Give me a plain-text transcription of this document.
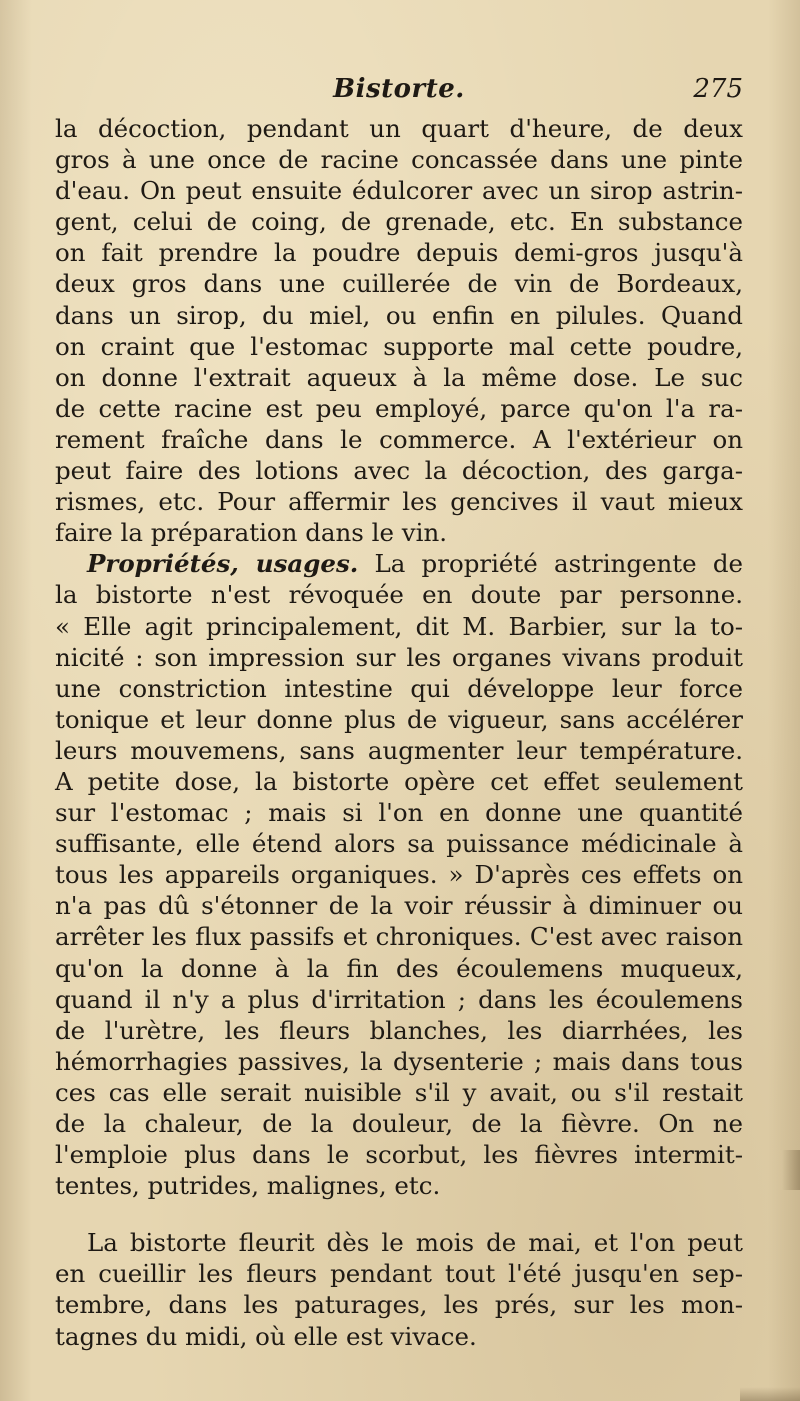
Bistorte.	275
la décoction, pendant un quart d'heure, de deux
gros à une once de racine concassée dans une pinte
d'eau. On peut ensuite édulcorer avec un sirop astrin-
gent, celui de coing, de grenade, etc. En substance
on fait prendre la poudre depuis demi-gros jusqu'à
deux gros dans une cuillerée de vin de Bordeaux,
dans un sirop, du miel, ou enfin en pilules. Quand
on craint que l'estomac supporte mal cette poudre,
on donne l'extrait aqueux à la même dose. Le suc
de cette racine est peu employé, parce qu'on l'a ra-
rement fraîche dans le commerce. A l'extérieur on
peut faire des lotions avec la décoction, des garga-
rismes, etc. Pour affermir les gencives il vaut mieux
faire la préparation dans le vin.
Propriétés, usages. La propriété astringente de
la bistorte n'est révoquée en doute par personne.
« Elle agit principalement, dit M. Barbier, sur la to-
nicité : son impression sur les organes vivans produit
une constriction intestine qui développe leur force
tonique et leur donne plus de vigueur, sans accélérer
leurs mouvemens, sans augmenter leur température.
A petite dose, la bistorte opère cet effet seulement
sur l'estomac ; mais si l'on en donne une quantité
suffisante, elle étend alors sa puissance médicinale à
tous les appareils organiques. » D'après ces effets on
n'a pas dû s'étonner de la voir réussir à diminuer ou
arrêter les flux passifs et chroniques. C'est avec raison
qu'on la donne à la fin des écoulemens muqueux,
quand il n'y a plus d'irritation ; dans les écoulemens
de l'urètre, les fleurs blanches, les diarrhées, les
hémorrhagies passives, la dysenterie ; mais dans tous
ces cas elle serait nuisible s'il y avait, ou s'il restait
de la chaleur, de la douleur, de la fièvre. On ne
l'emploie plus dans le scorbut, les fièvres intermit-
tentes, putrides, malignes, etc.
La bistorte fleurit dès le mois de mai, et l'on peut
en cueillir les fleurs pendant tout l'été jusqu'en sep-
tembre, dans les paturages, les prés, sur les mon-
tagnes du midi, où elle est vivace.
